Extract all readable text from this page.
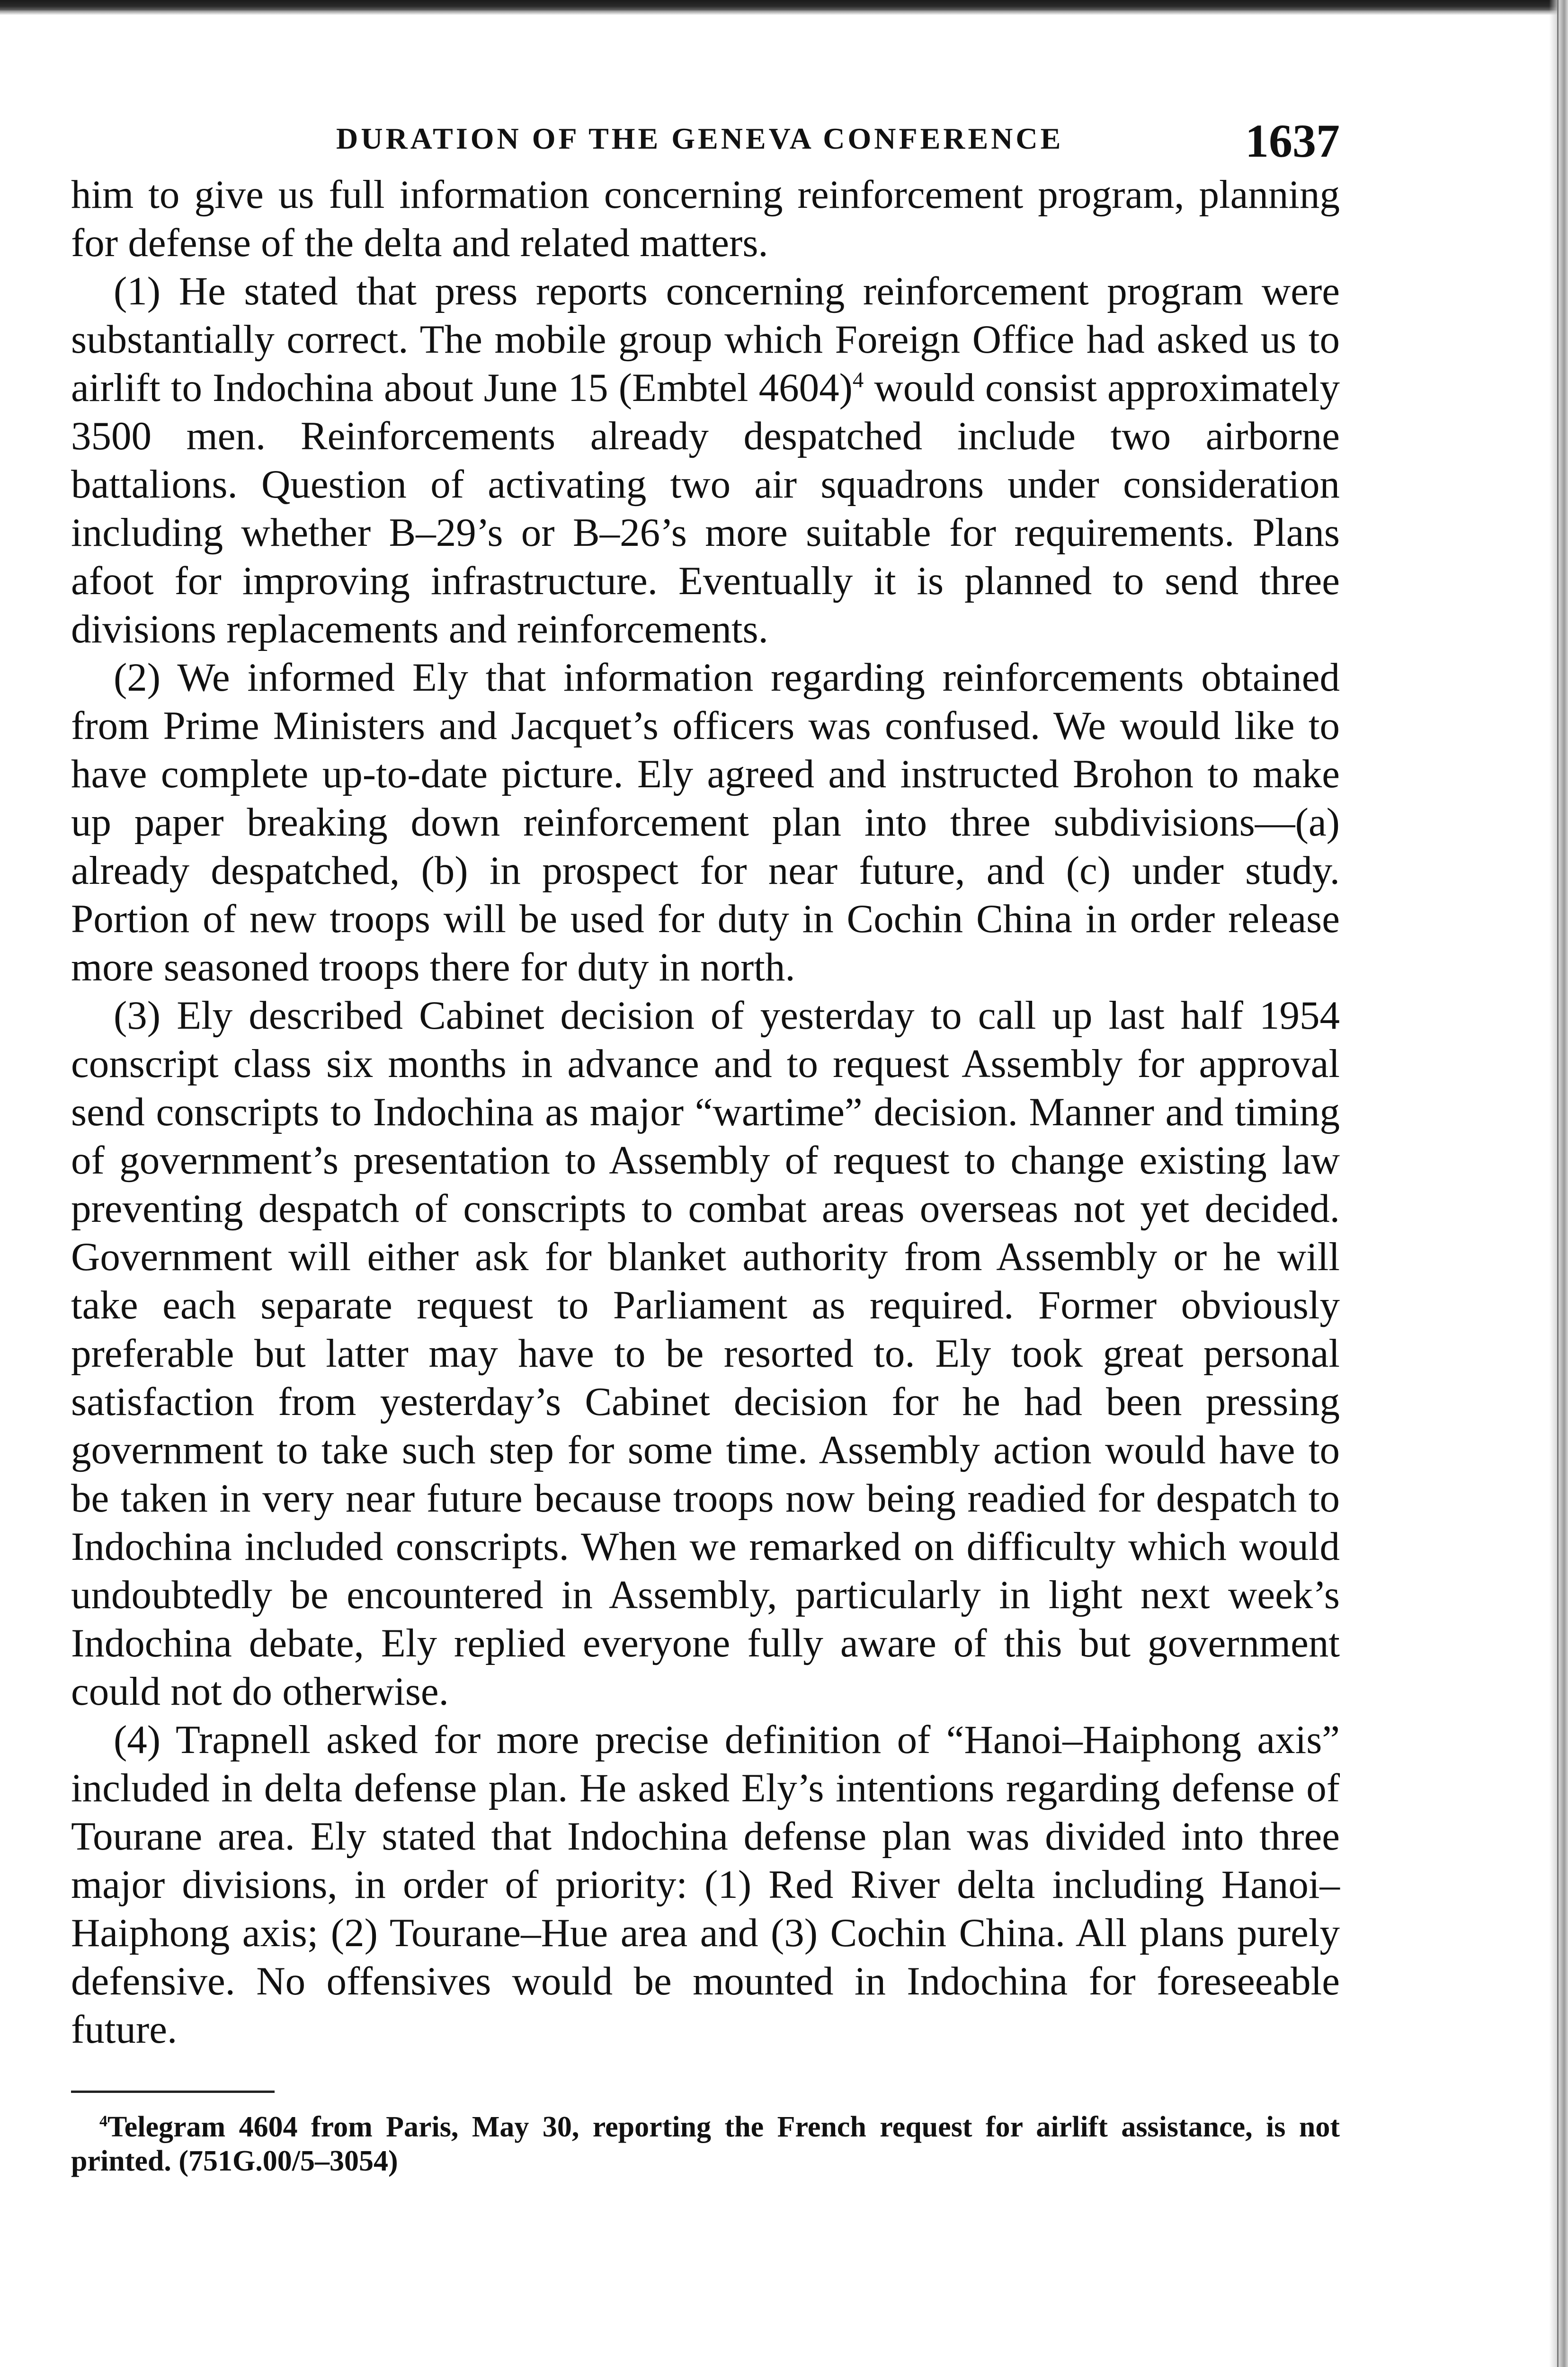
DURATION OF THE GENEVA CONFERENCE	1637

him to give us full information concerning reinforcement program, planning for defense of the delta and related matters.

(1) He stated that press reports concerning reinforcement program were substantially correct. The mobile group which Foreign Office had asked us to airlift to Indochina about June 15 (Embtel 4604)$^4$ would consist approximately 3500 men. Reinforcements already despatched include two airborne battalions. Question of activating two air squadrons under consideration including whether B–29’s or B–26’s more suitable for requirements. Plans afoot for improving infrastructure. Eventually it is planned to send three divisions replacements and reinforcements.

(2) We informed Ely that information regarding reinforcements obtained from Prime Ministers and Jacquet’s officers was confused. We would like to have complete up-to-date picture. Ely agreed and instructed Brohon to make up paper breaking down reinforcement plan into three subdivisions—(a) already despatched, (b) in prospect for near future, and (c) under study. Portion of new troops will be used for duty in Cochin China in order release more seasoned troops there for duty in north.

(3) Ely described Cabinet decision of yesterday to call up last half 1954 conscript class six months in advance and to request Assembly for approval send conscripts to Indochina as major “wartime” decision. Manner and timing of government’s presentation to Assembly of request to change existing law preventing despatch of conscripts to combat areas overseas not yet decided. Government will either ask for blanket authority from Assembly or he will take each separate request to Parliament as required. Former obviously preferable but latter may have to be resorted to. Ely took great personal satisfaction from yesterday’s Cabinet decision for he had been pressing government to take such step for some time. Assembly action would have to be taken in very near future because troops now being readied for despatch to Indochina included conscripts. When we remarked on difficulty which would undoubtedly be encountered in Assembly, particularly in light next week’s Indochina debate, Ely replied everyone fully aware of this but government could not do otherwise.

(4) Trapnell asked for more precise definition of “Hanoi–Haiphong axis” included in delta defense plan. He asked Ely’s intentions regarding defense of Tourane area. Ely stated that Indochina defense plan was divided into three major divisions, in order of priority: (1) Red River delta including Hanoi–Haiphong axis; (2) Tourane–Hue area and (3) Cochin China. All plans purely defensive. No offensives would be mounted in Indochina for foreseeable future.

$^4$Telegram 4604 from Paris, May 30, reporting the French request for airlift assistance, is not printed. (751G.00/5–3054)
